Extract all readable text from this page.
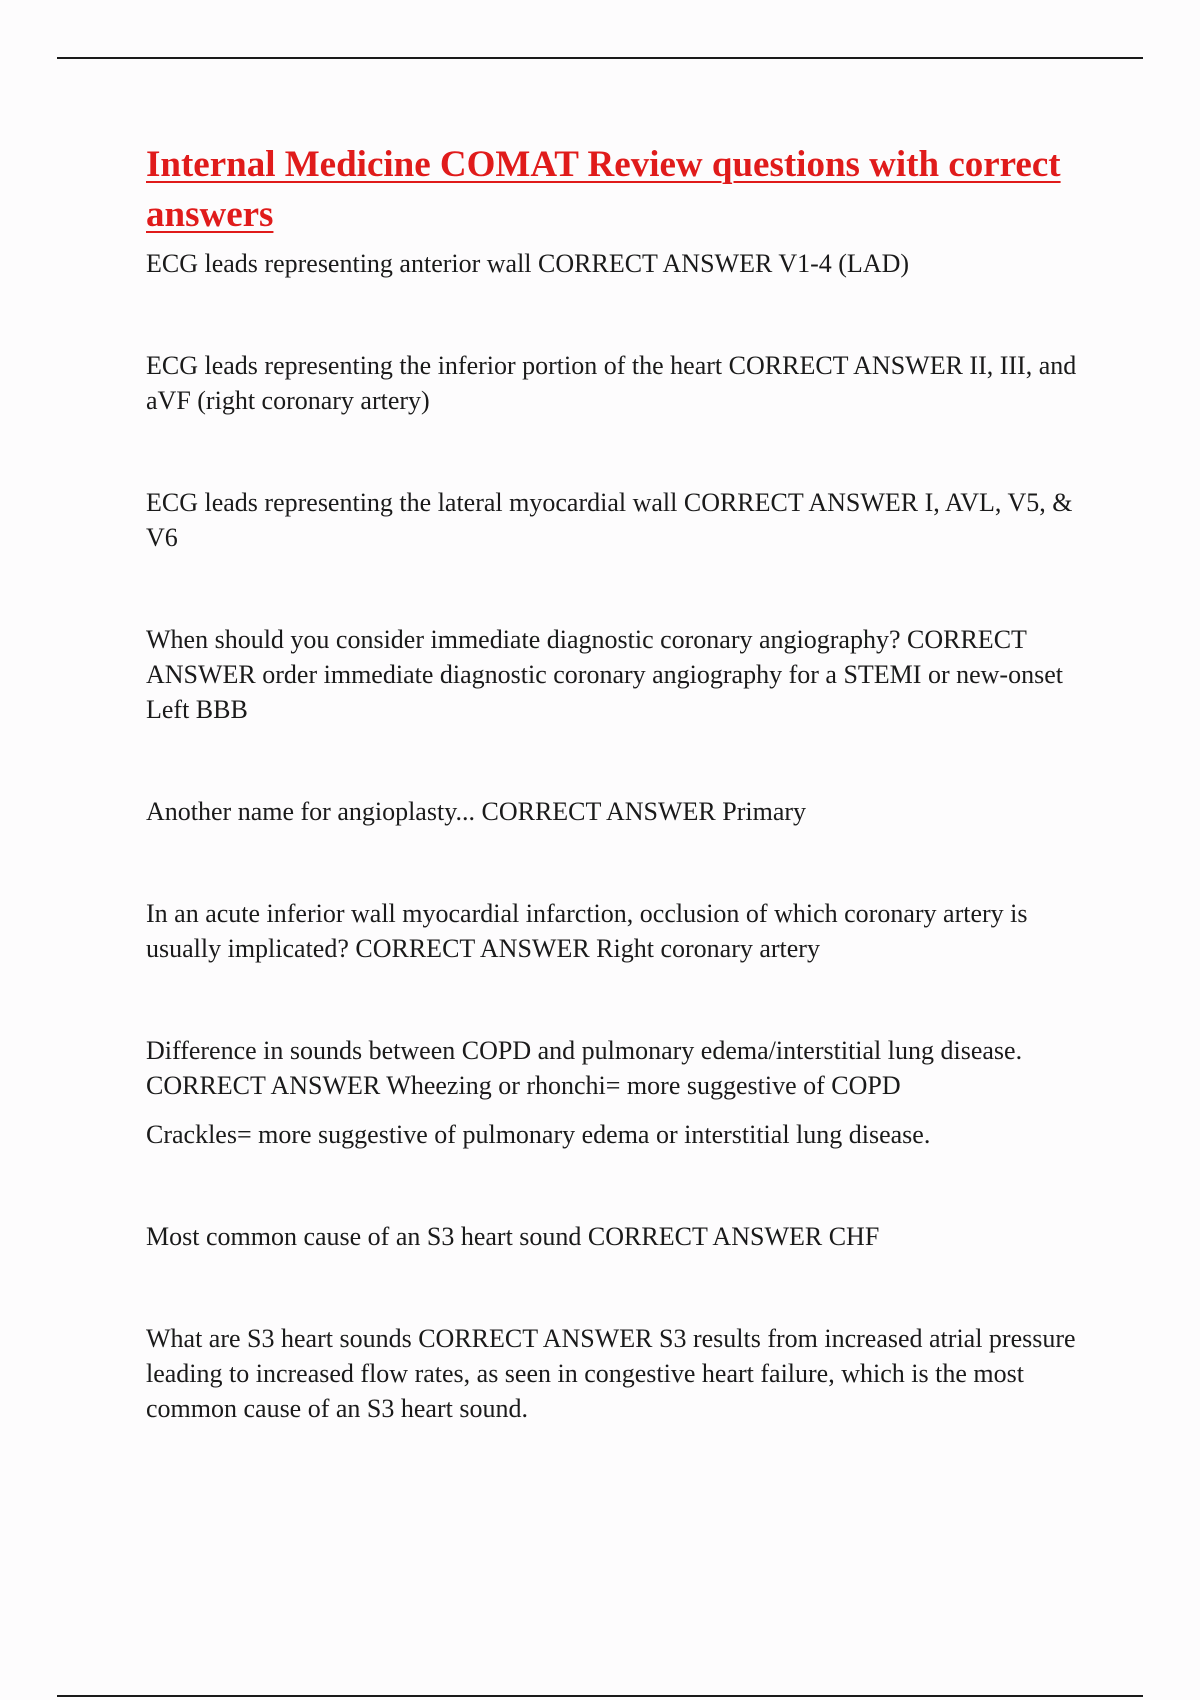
Internal Medicine COMAT Review questions with correct answers

ECG leads representing anterior wall CORRECT ANSWER V1-4 (LAD)

ECG leads representing the inferior portion of the heart CORRECT ANSWER II, III, and aVF (right coronary artery)

ECG leads representing the lateral myocardial wall CORRECT ANSWER I, AVL, V5, & V6

When should you consider immediate diagnostic coronary angiography? CORRECT ANSWER order immediate diagnostic coronary angiography for a STEMI or new-onset Left BBB

Another name for angioplasty... CORRECT ANSWER Primary

In an acute inferior wall myocardial infarction, occlusion of which coronary artery is usually implicated? CORRECT ANSWER Right coronary artery

Difference in sounds between COPD and pulmonary edema/interstitial lung disease. CORRECT ANSWER Wheezing or rhonchi= more suggestive of COPD

Crackles= more suggestive of pulmonary edema or interstitial lung disease.

Most common cause of an S3 heart sound CORRECT ANSWER CHF

What are S3 heart sounds CORRECT ANSWER S3 results from increased atrial pressure leading to increased flow rates, as seen in congestive heart failure, which is the most common cause of an S3 heart sound.
